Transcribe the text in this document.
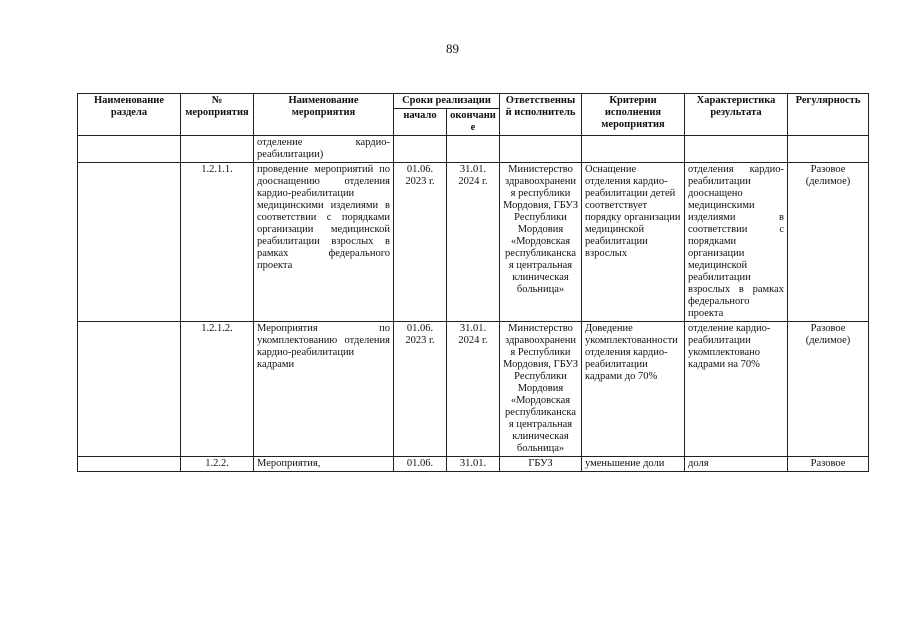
89
Наименование раздела	№ мероприятия	Наименование мероприятия	Сроки реализации		Ответственный исполнитель	Критерии исполнения мероприятия	Характеристика результата	Регулярность
			начало	окончание				
		отделение кардио-реабилитации)						
	1.2.1.1.	проведение мероприятий по дооснащению отделения кардио-реабилитации медицинскими изделиями в соответствии с порядками организации медицинской реабилитации взрослых в рамках федерального проекта	01.06. 2023 г.	31.01. 2024 г.	Министерство здравоохранения республики Мордовия, ГБУЗ Республики Мордовия «Мордовская республиканская центральная клиническая больница»	Оснащение отделения кардио-реабилитации детей соответствует порядку организации медицинской реабилитации взрослых	отделения кардио-реабилитации дооснащено медицинскими изделиями в соответствии с порядками организации медицинской реабилитации взрослых в рамках федерального проекта	Разовое (делимое)
	1.2.1.2.	Мероприятия по укомплектованию отделения кардио-реабилитации кадрами	01.06. 2023 г.	31.01. 2024 г.	Министерство здравоохранения Республики Мордовия, ГБУЗ Республики Мордовия «Мордовская республиканская центральная клиническая больница»	Доведение укомплектованности отделения кардио-реабилитации кадрами до 70%	отделение кардио-реабилитации укомплектовано кадрами на 70%	Разовое (делимое)
	1.2.2.	Мероприятия,	01.06.	31.01.	ГБУЗ	уменьшение доли	доля	Разовое
